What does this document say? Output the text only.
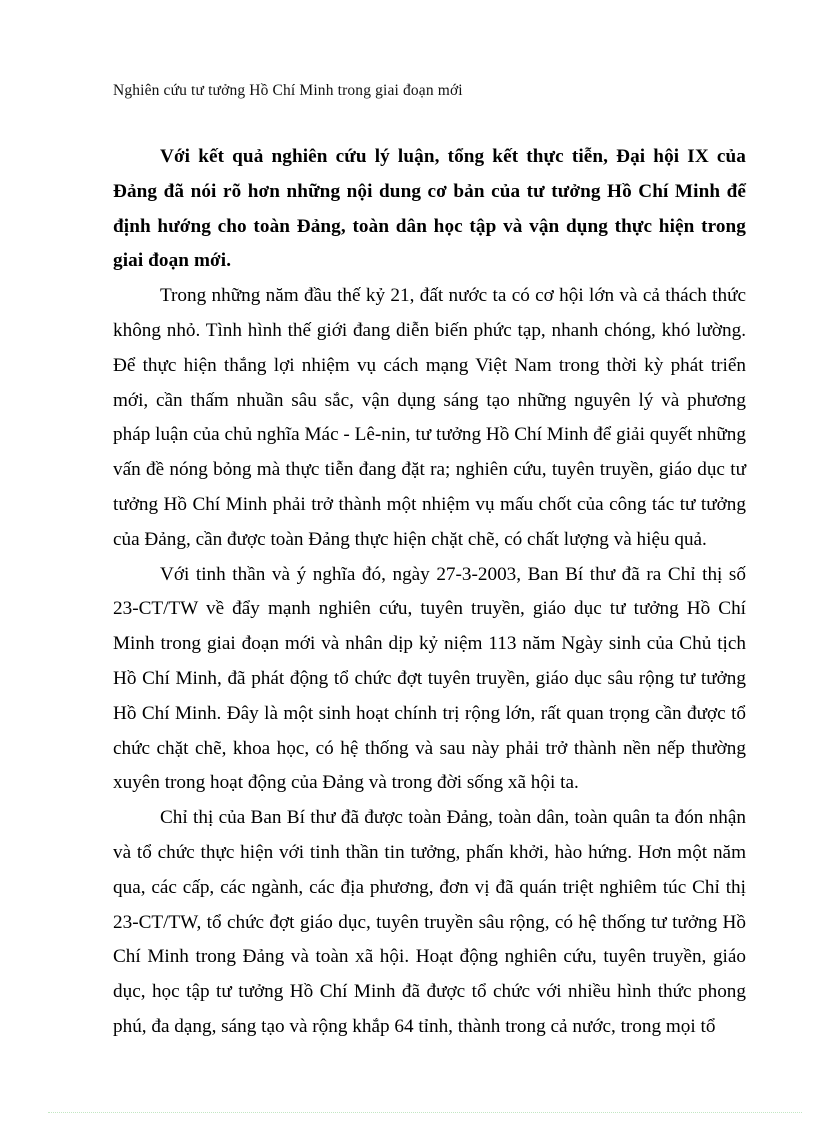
Nghiên cứu tư tưởng Hồ Chí Minh trong giai đoạn mới

Với kết quả nghiên cứu lý luận, tổng kết thực tiễn, Đại hội IX của Đảng đã nói rõ hơn những nội dung cơ bản của tư tưởng Hồ Chí Minh để định hướng cho toàn Đảng, toàn dân học tập và vận dụng thực hiện trong giai đoạn mới.

Trong những năm đầu thế kỷ 21, đất nước ta có cơ hội lớn và cả thách thức không nhỏ. Tình hình thế giới đang diễn biến phức tạp, nhanh chóng, khó lường. Để thực hiện thắng lợi nhiệm vụ cách mạng Việt Nam trong thời kỳ phát triển mới, cần thấm nhuần sâu sắc, vận dụng sáng tạo những nguyên lý và phương pháp luận của chủ nghĩa Mác - Lê-nin, tư tưởng Hồ Chí Minh để giải quyết những vấn đề nóng bỏng mà thực tiễn đang đặt ra; nghiên cứu, tuyên truyền, giáo dục tư tưởng Hồ Chí Minh phải trở thành một nhiệm vụ mấu chốt của công tác tư tưởng của Đảng, cần được toàn Đảng thực hiện chặt chẽ, có chất lượng và hiệu quả.

Với tinh thần và ý nghĩa đó, ngày 27-3-2003, Ban Bí thư đã ra Chỉ thị số 23-CT/TW về đẩy mạnh nghiên cứu, tuyên truyền, giáo dục tư tưởng Hồ Chí Minh trong giai đoạn mới và nhân dịp kỷ niệm 113 năm Ngày sinh của Chủ tịch Hồ Chí Minh, đã phát động tổ chức đợt tuyên truyền, giáo dục sâu rộng tư tưởng Hồ Chí Minh. Đây là một sinh hoạt chính trị rộng lớn, rất quan trọng cần được tổ chức chặt chẽ, khoa học, có hệ thống và sau này phải trở thành nền nếp thường xuyên trong hoạt động của Đảng và trong đời sống xã hội ta.

Chỉ thị của Ban Bí thư đã được toàn Đảng, toàn dân, toàn quân ta đón nhận và tổ chức thực hiện với tinh thần tin tưởng, phấn khởi, hào hứng. Hơn một năm qua, các cấp, các ngành, các địa phương, đơn vị đã quán triệt nghiêm túc Chỉ thị 23-CT/TW, tổ chức đợt giáo dục, tuyên truyền sâu rộng, có hệ thống tư tưởng Hồ Chí Minh trong Đảng và toàn xã hội. Hoạt động nghiên cứu, tuyên truyền, giáo dục, học tập tư tưởng Hồ Chí Minh đã được tổ chức với nhiều hình thức phong phú, đa dạng, sáng tạo và rộng khắp 64 tỉnh, thành trong cả nước, trong mọi tổ
